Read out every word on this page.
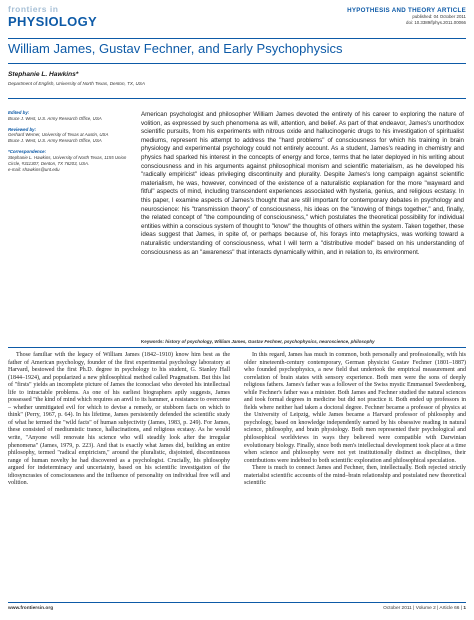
frontiers in
PHYSIOLOGY
HYPOTHESIS AND THEORY ARTICLE
published: 04 October 2011
doi: 10.3389/fphys.2011.00066
William James, Gustav Fechner, and Early Psychophysics
Stephanie L. Hawkins*
Department of English, University of North Texas, Denton, TX, USA
Edited by:
Bruce J. West, U.S. Army Research Office, USA
Reviewed by:
Gerhard Werner, University of Texas at Austin, USA
Bruce J. West, U.S. Army Research Office, USA
*Correspondence:
Stephanie L. Hawkins, University of North Texas, 1155 Union Circle, #311307, Denton, TX 76203, USA.
e-mail: shawkins@unt.edu
American psychologist and philosopher William James devoted the entirety of his career to exploring the nature of volition, as expressed by such phenomena as will, attention, and belief. As part of that endeavor, James's unorthodox scientific pursuits, from his experiments with nitrous oxide and hallucinogenic drugs to his investigation of spiritualist mediums, represent his attempt to address the "hard problems" of consciousness for which his training in brain physiology and experimental psychology could not entirely account. As a student, James's reading in chemistry and physics had sparked his interest in the concepts of energy and force, terms that he later deployed in his writing about consciousness and in his arguments against philosophical monism and scientific materialism, as he developed his "radically empiricist" ideas privileging discontinuity and plurality. Despite James's long campaign against scientific materialism, he was, however, convinced of the existence of a naturalistic explanation for the more "wayward and fitful" aspects of mind, including transcendent experiences associated with hysteria, genius, and religious ecstasy. In this paper, I examine aspects of James's thought that are still important for contemporary debates in psychology and neuroscience: his "transmission theory" of consciousness, his ideas on the "knowing of things together," and, finally, the related concept of "the compounding of consciousness," which postulates the theoretical possibility for individual entities within a conscious system of thought to "know" the thoughts of others within the system. Taken together, these ideas suggest that James, in spite of, or perhaps because of, his forays into metaphysics, was working toward a naturalistic understanding of consciousness, what I will term a "distributive model" based on his understanding of consciousness as an "awareness" that interacts dynamically within, and in relation to, its environment.
Keywords: history of psychology, William James, Gustav Fechner, psychophysics, neuroscience, philosophy

Those familiar with the legacy of William James (1842–1910) know him best as the father of American psychology, founder of the first experimental psychology laboratory at Harvard, bestowed the first Ph.D. degree in psychology to his student, G. Stanley Hall (1844–1924), and popularized a new philosophical method called Pragmatism. But this list of "firsts" yields an incomplete picture of James the iconoclast who devoted his intellectual life to intractable problems. As one of his earliest biographers aptly suggests, James possessed "the kind of mind which requires an anvil to its hammer, a resistance to overcome – whether unmitigated evil for which to devise a remedy, or stubborn facts on which to think" (Perry, 1967, p. 64). In his lifetime, James persistently defended the scientific study of what he termed the "wild facts" of human subjectivity (James, 1983, p. 249). For James, these consisted of mediumistic trance, hallucinations, and religious ecstasy. As he would write, "Anyone will renovate his science who will steadily look after the irregular phenomena" (James, 1979, p. 223). And that is exactly what James did, building an entire philosophy, termed "radical empiricism," around the pluralistic, disjointed, discontinuous range of human novelty he had discovered as a psychologist. Crucially, his philosophy argued for indeterminacy and uncertainty, based on his scientific investigation of the idiosyncrasies of consciousness and the influence of personality on individual free will and volition.

In this regard, James has much in common, both personally and professionally, with his older nineteenth-century contemporary, German physicist Gustav Fechner (1801–1887) who founded psychophysics, a new field that undertook the empirical measurement and correlation of brain states with sensory experience. Both men were the sons of deeply religious fathers. James's father was a follower of the Swiss mystic Emmanuel Swedenborg, while Fechner's father was a minister. Both James and Fechner studied the natural sciences and took formal degrees in medicine but did not practice it. Both ended up professors in fields where neither had taken a doctoral degree. Fechner became a professor of physics at the University of Leipzig, while James became a Harvard professor of philosophy and psychology, based on knowledge independently earned by his obsessive reading in natural science, philosophy, and brain physiology. Both men represented their psychological and philosophical worldviews in ways they believed were compatible with Darwinian evolutionary biology. Finally, since both men's intellectual development took place at a time when science and philosophy were not yet institutionally distinct as disciplines, their contributions were indebted to both scientific exploration and philosophical speculation.

There is much to connect James and Fechner, then, intellectually. Both rejected strictly materialist scientific accounts of the mind–brain relationship and postulated new theoretical scientific

www.frontiersin.org	October 2011 | Volume 2 | Article 66 | 1
